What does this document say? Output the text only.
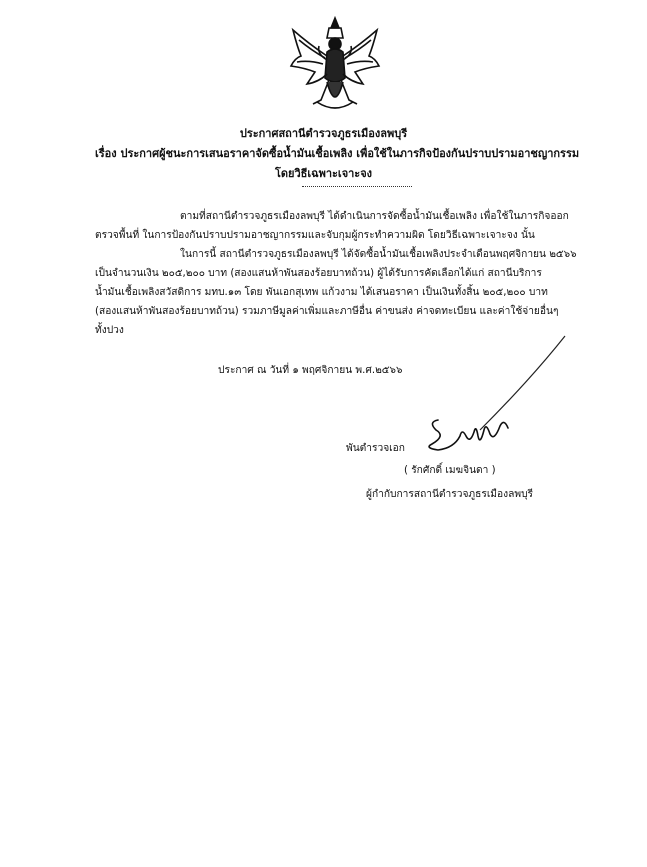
ประกาศสถานีตำรวจภูธรเมืองลพบุรี
เรื่อง ประกาศผู้ชนะการเสนอราคาจัดซื้อน้ำมันเชื้อเพลิง เพื่อใช้ในภารกิจป้องกันปราบปรามอาชญากรรม
โดยวิธีเฉพาะเจาะจง
ตามที่สถานีตำรวจภูธรเมืองลพบุรี ได้ดำเนินการจัดซื้อน้ำมันเชื้อเพลิง เพื่อใช้ในภารกิจออก
ตรวจพื้นที่ ในการป้องกันปราบปรามอาชญากรรมและจับกุมผู้กระทำความผิด โดยวิธีเฉพาะเจาะจง นั้น
ในการนี้ สถานีตำรวจภูธรเมืองลพบุรี ได้จัดซื้อน้ำมันเชื้อเพลิงประจำเดือนพฤศจิกายน ๒๕๖๖
เป็นจำนวนเงิน ๒๐๕,๒๐๐ บาท (สองแสนห้าพันสองร้อยบาทถ้วน) ผู้ได้รับการคัดเลือกได้แก่ สถานีบริการ
น้ำมันเชื้อเพลิงสวัสดิการ มทบ.๑๓ โดย พันเอกสุเทพ แก้วงาม ได้เสนอราคา เป็นเงินทั้งสิ้น ๒๐๕,๒๐๐ บาท
(สองแสนห้าพันสองร้อยบาทถ้วน) รวมภาษีมูลค่าเพิ่มและภาษีอื่น ค่าขนส่ง ค่าจดทะเบียน และค่าใช้จ่ายอื่นๆ
ทั้งปวง
ประกาศ ณ วันที่ ๑ พฤศจิกายน พ.ศ.๒๕๖๖
พันตำรวจเอก
( รักศักดิ์ เมฆจินดา )
ผู้กำกับการสถานีตำรวจภูธรเมืองลพบุรี
